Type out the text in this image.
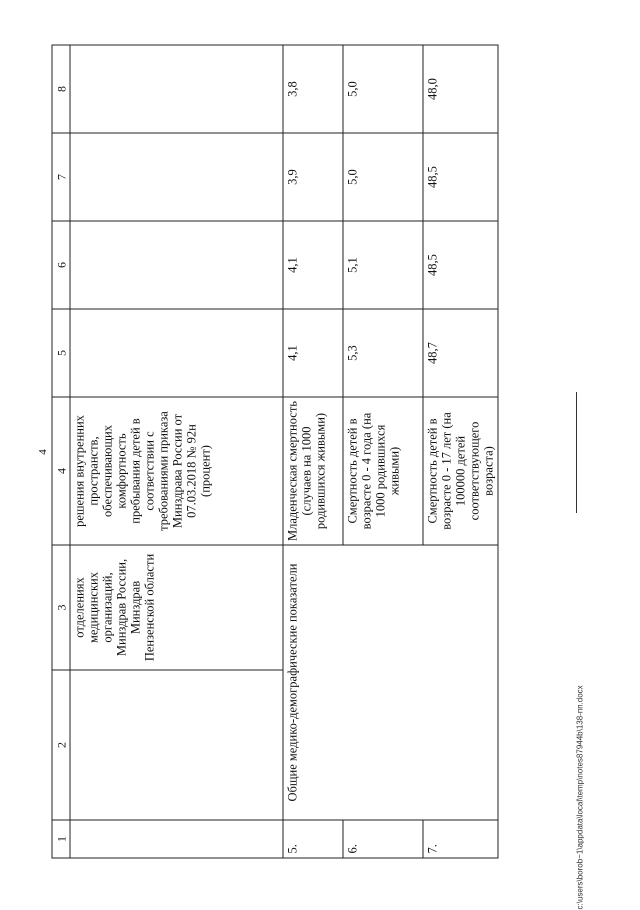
4
1	2	3	4	5	6	7	8
		отделениях медицинских организаций, Минздрав России, Минздрав Пензенской области	решения внутренних пространств, обеспечивающих комфортность пребывания детей в соответствии с требованиями приказа Минздрава России от 07.03.2018 № 92н (процент)				
5.	Общие медико-демографические показатели		Младенческая смертность (случаев на 1000 родившихся живыми)	4,1	4,1	3,9	3,8
6.			Смертность детей в возрасте 0 - 4 года (на 1000 родившихся живыми)	5,3	5,1	5,0	5,0
7.			Смертность детей в возрасте 0 - 17 лет (на 100000 детей соответствующего возраста)	48,7	48,5	48,5	48,0
c:\users\borob~1\appdata\local\temp\notes87944b\138-пп.docx
